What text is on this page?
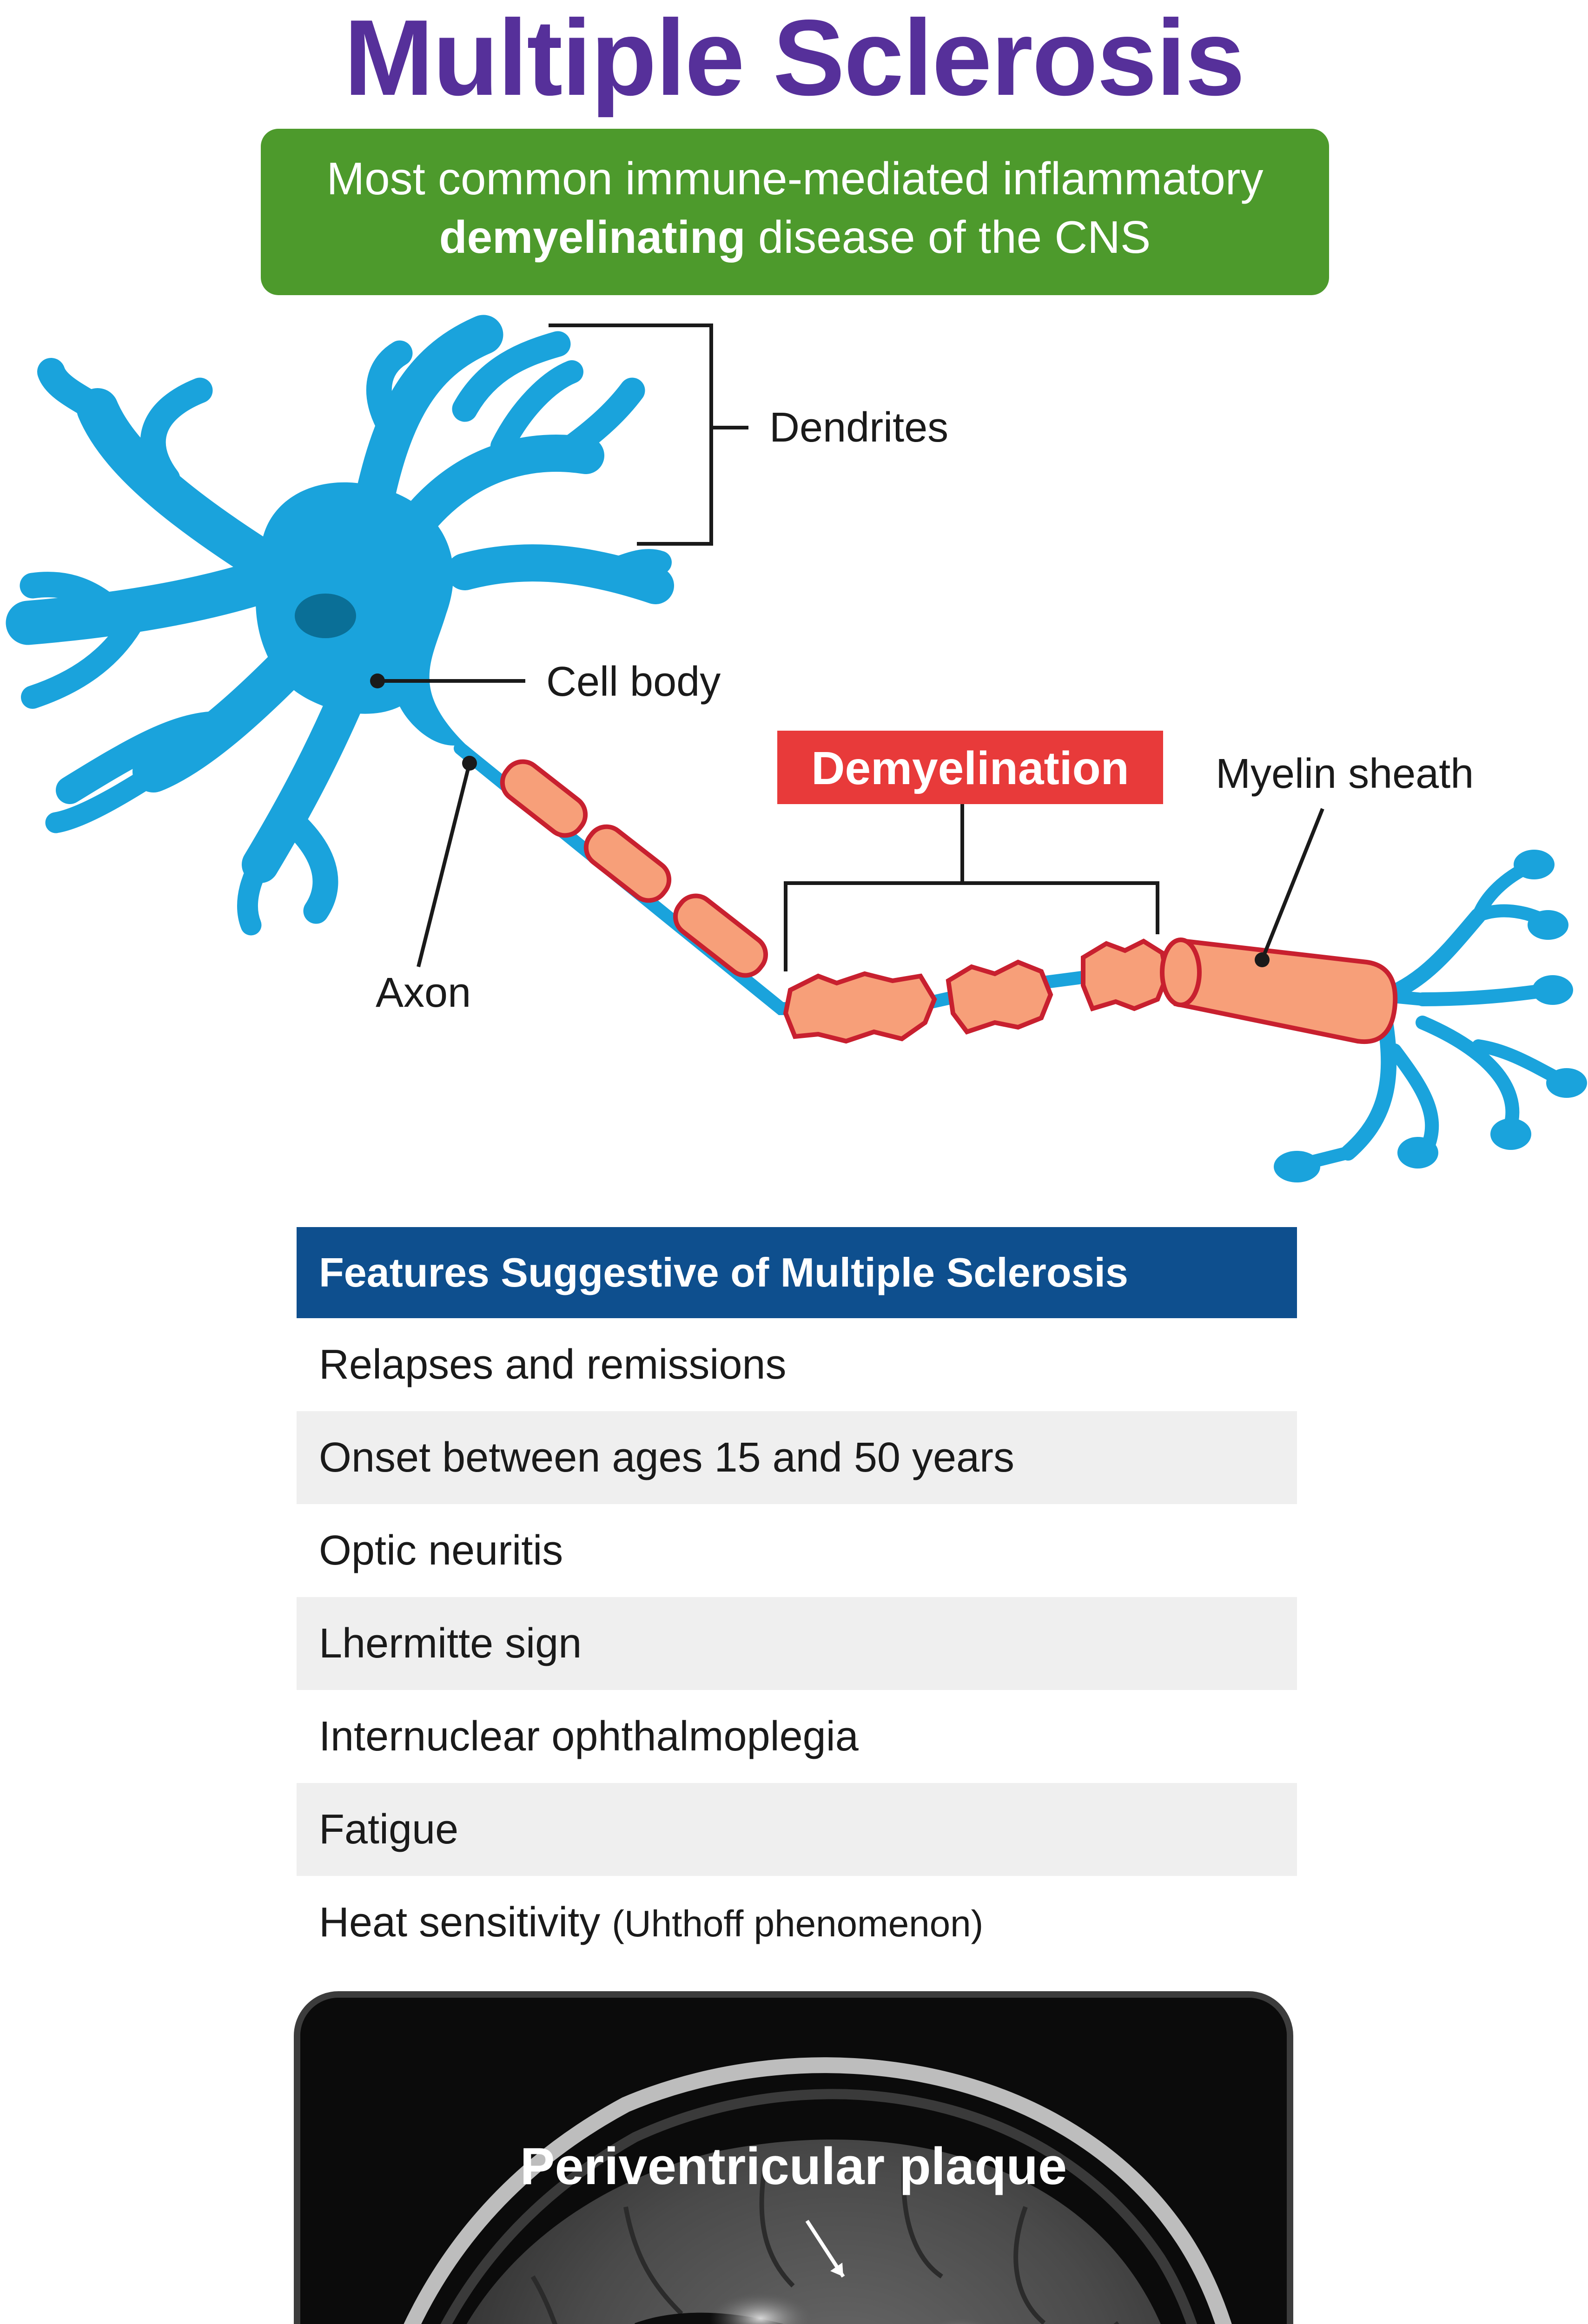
Multiple Sclerosis
Most common immune-mediated inflammatory
demyelinating disease of the CNS
Dendrites
Cell body
Axon
Demyelination Myelin sheath
Features Suggestive of Multiple Sclerosis
Relapses and remissions
Onset between ages 15 and 50 years
Optic neuritis
Lhermitte sign
Internuclear ophthalmoplegia
Fatigue
Heat sensitivity (Uhthoff phenomenon)
Periventricular plaque
